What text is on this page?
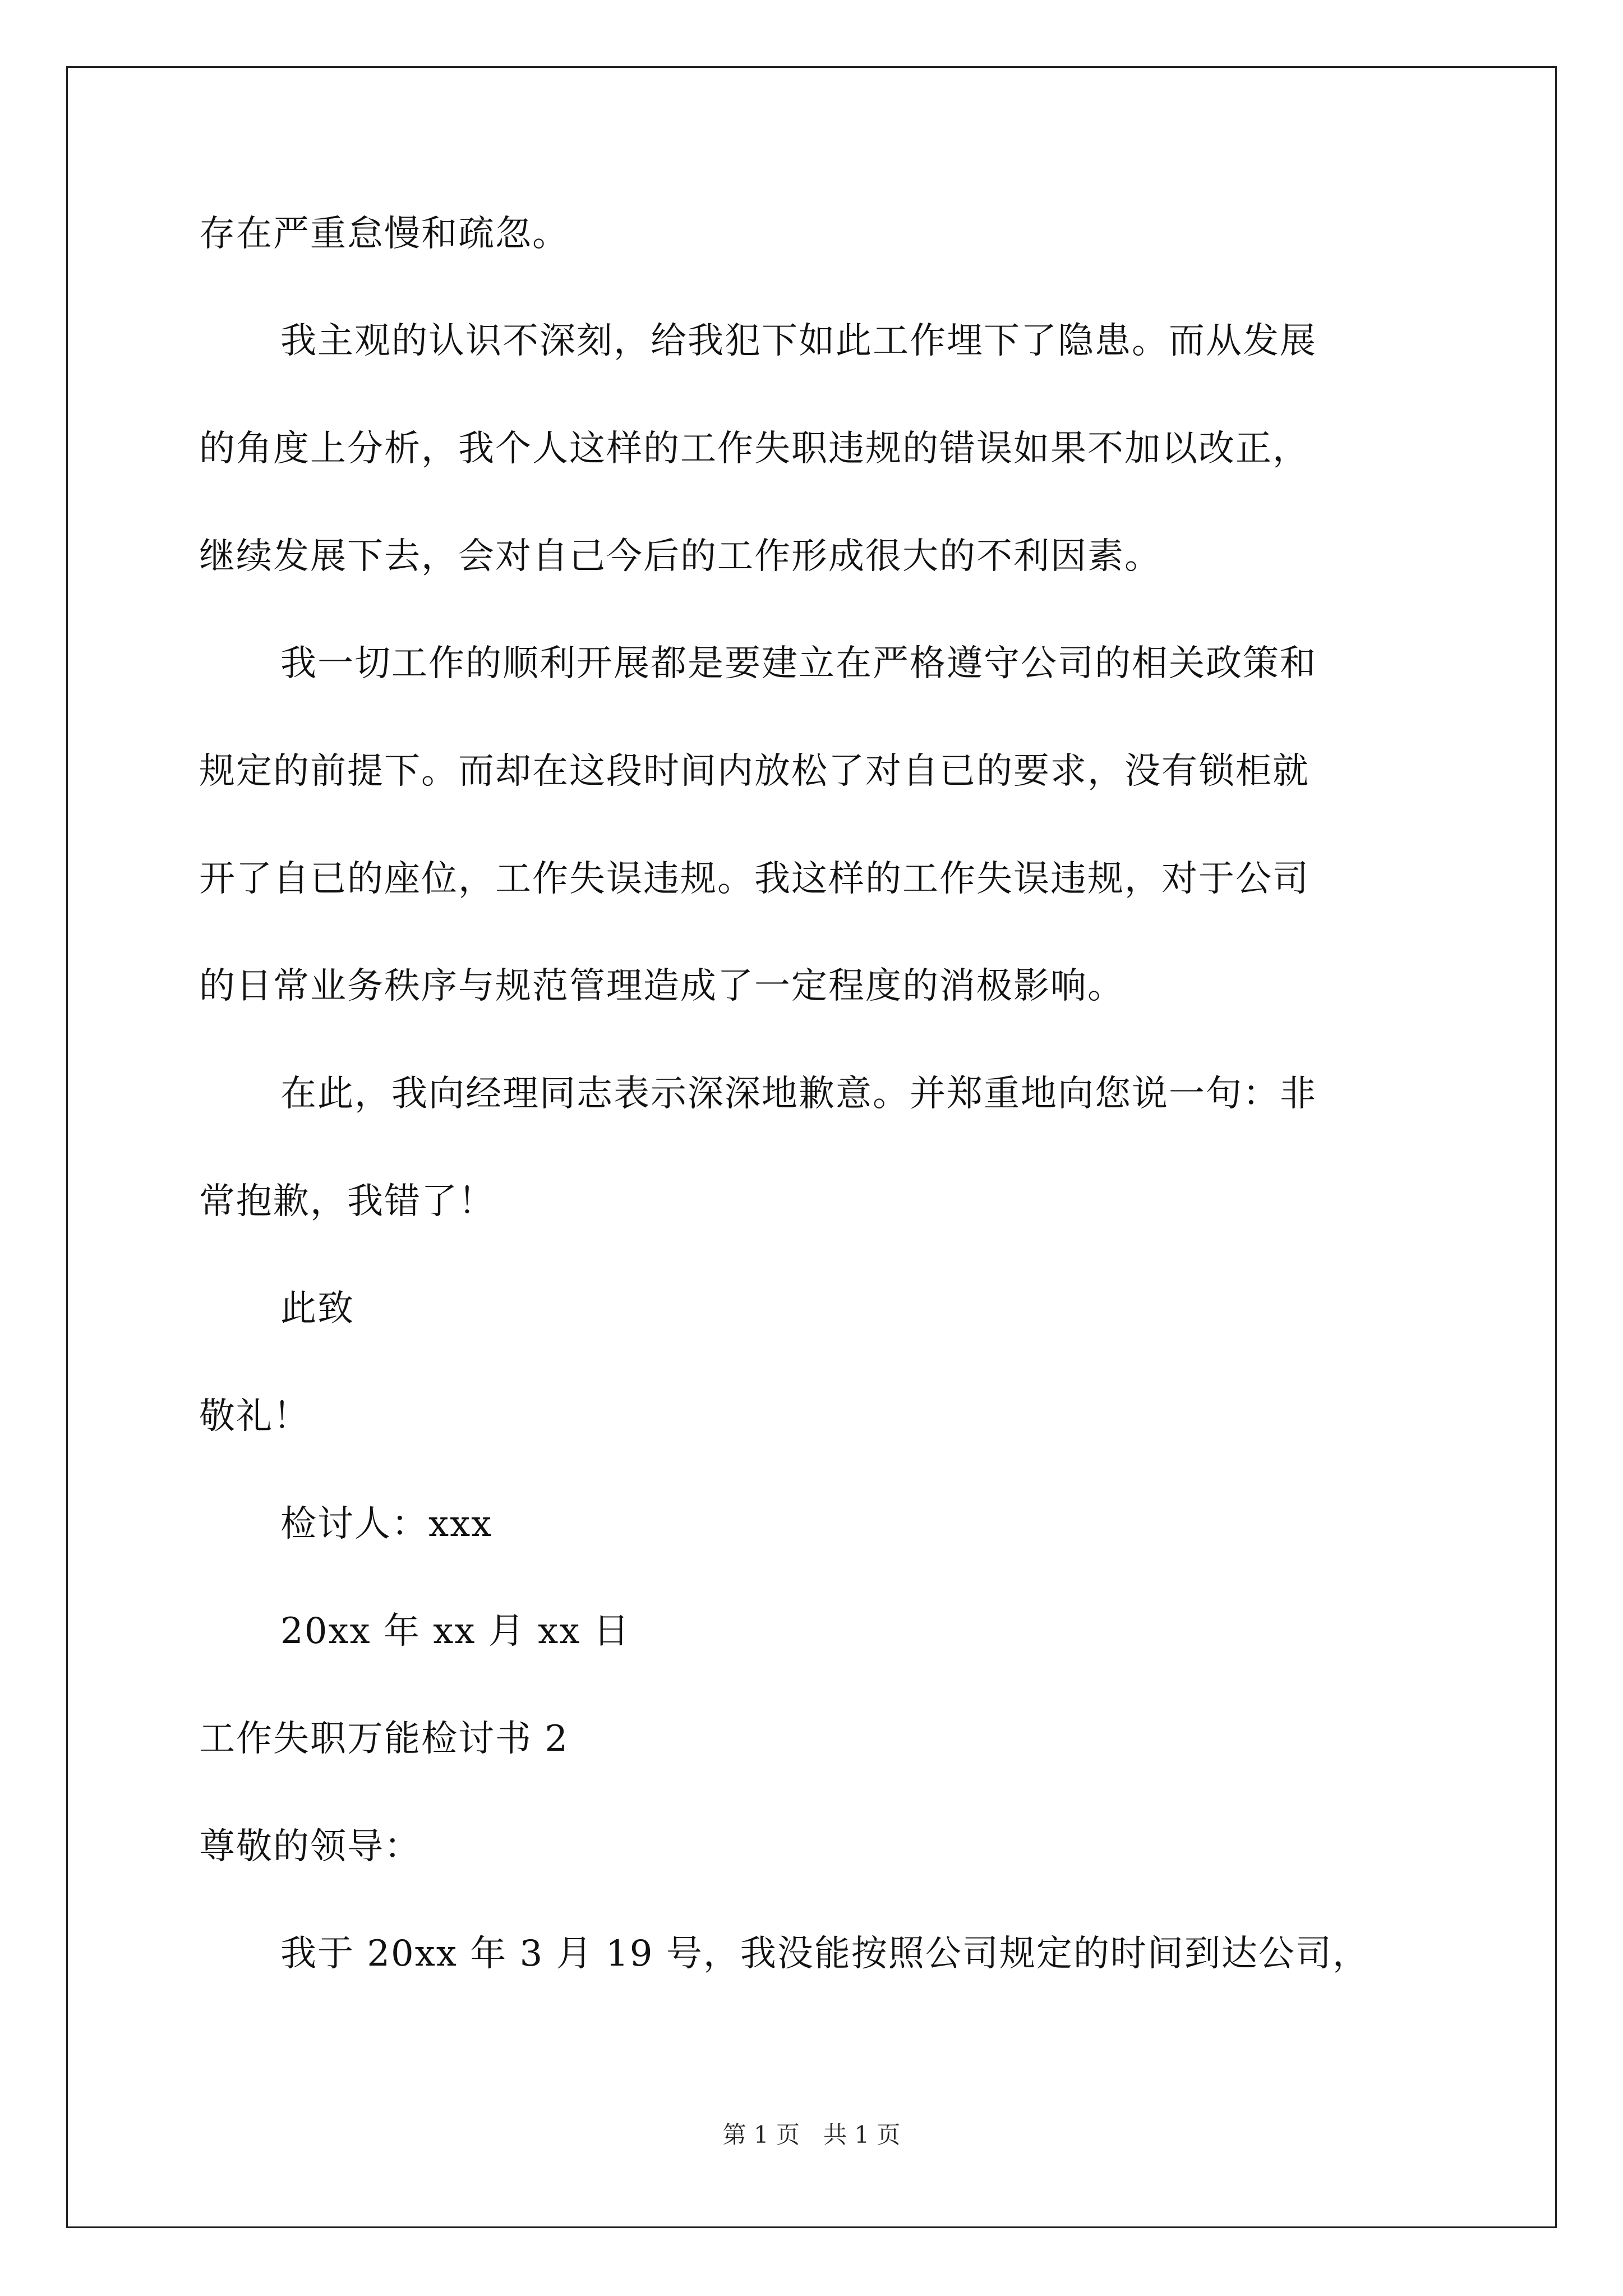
存在严重怠慢和疏忽。
我主观的认识不深刻，给我犯下如此工作埋下了隐患。而从发展
的角度上分析，我个人这样的工作失职违规的错误如果不加以改正，
继续发展下去，会对自己今后的工作形成很大的不利因素。
我一切工作的顺利开展都是要建立在严格遵守公司的相关政策和
规定的前提下。而却在这段时间内放松了对自已的要求，没有锁柜就
开了自已的座位，工作失误违规。我这样的工作失误违规，对于公司
的日常业务秩序与规范管理造成了一定程度的消极影响。
在此，我向经理同志表示深深地歉意。并郑重地向您说一句：非
常抱歉，我错了！
此致
敬礼！
检讨人：xxx
20xx 年 xx 月 xx 日
工作失职万能检讨书 2
尊敬的领导：
我于 20xx 年 3 月 19 号，我没能按照公司规定的时间到达公司，
第 1 页　共 1 页
